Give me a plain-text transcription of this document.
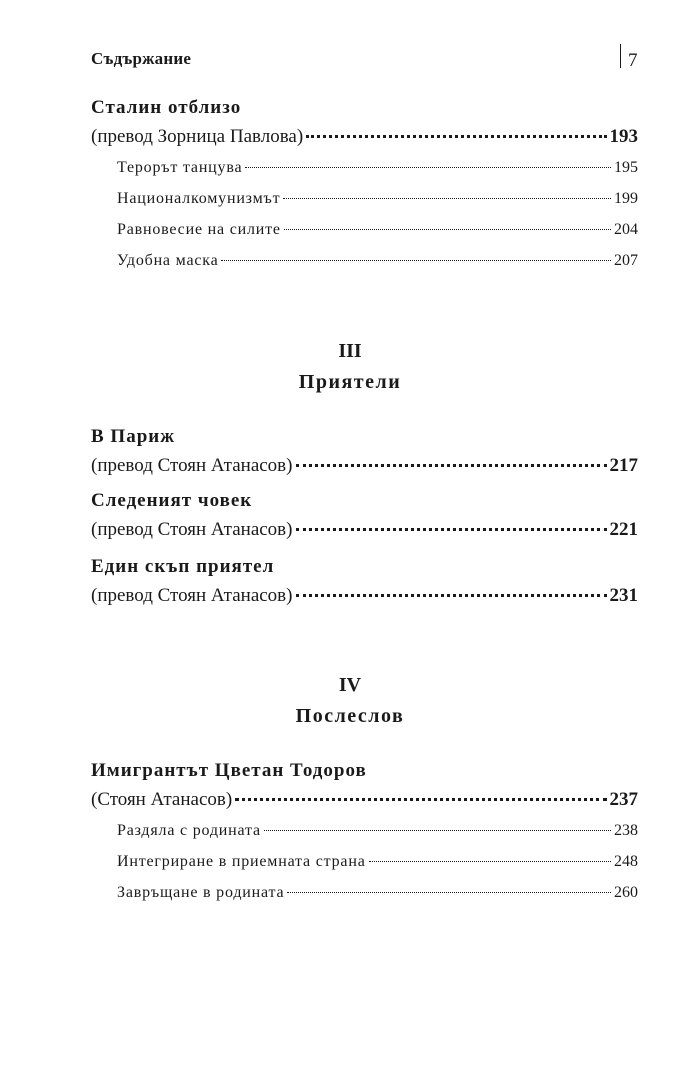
Съдържание	7
Сталин отблизо
(превод Зорница Павлова)	193
Терорът танцува	195
Националкомунизмът	199
Равновесие на силите	204
Удобна маска	207
III
Приятели
В Париж
(превод Стоян Атанасов)	217
Следеният човек
(превод Стоян Атанасов)	221
Един скъп приятел
(превод Стоян Атанасов)	231
IV
Послеслов
Имигрантът Цветан Тодоров
(Стоян Атанасов)	237
Раздяла с родината	238
Интегриране в приемната страна	248
Завръщане в родината	260
